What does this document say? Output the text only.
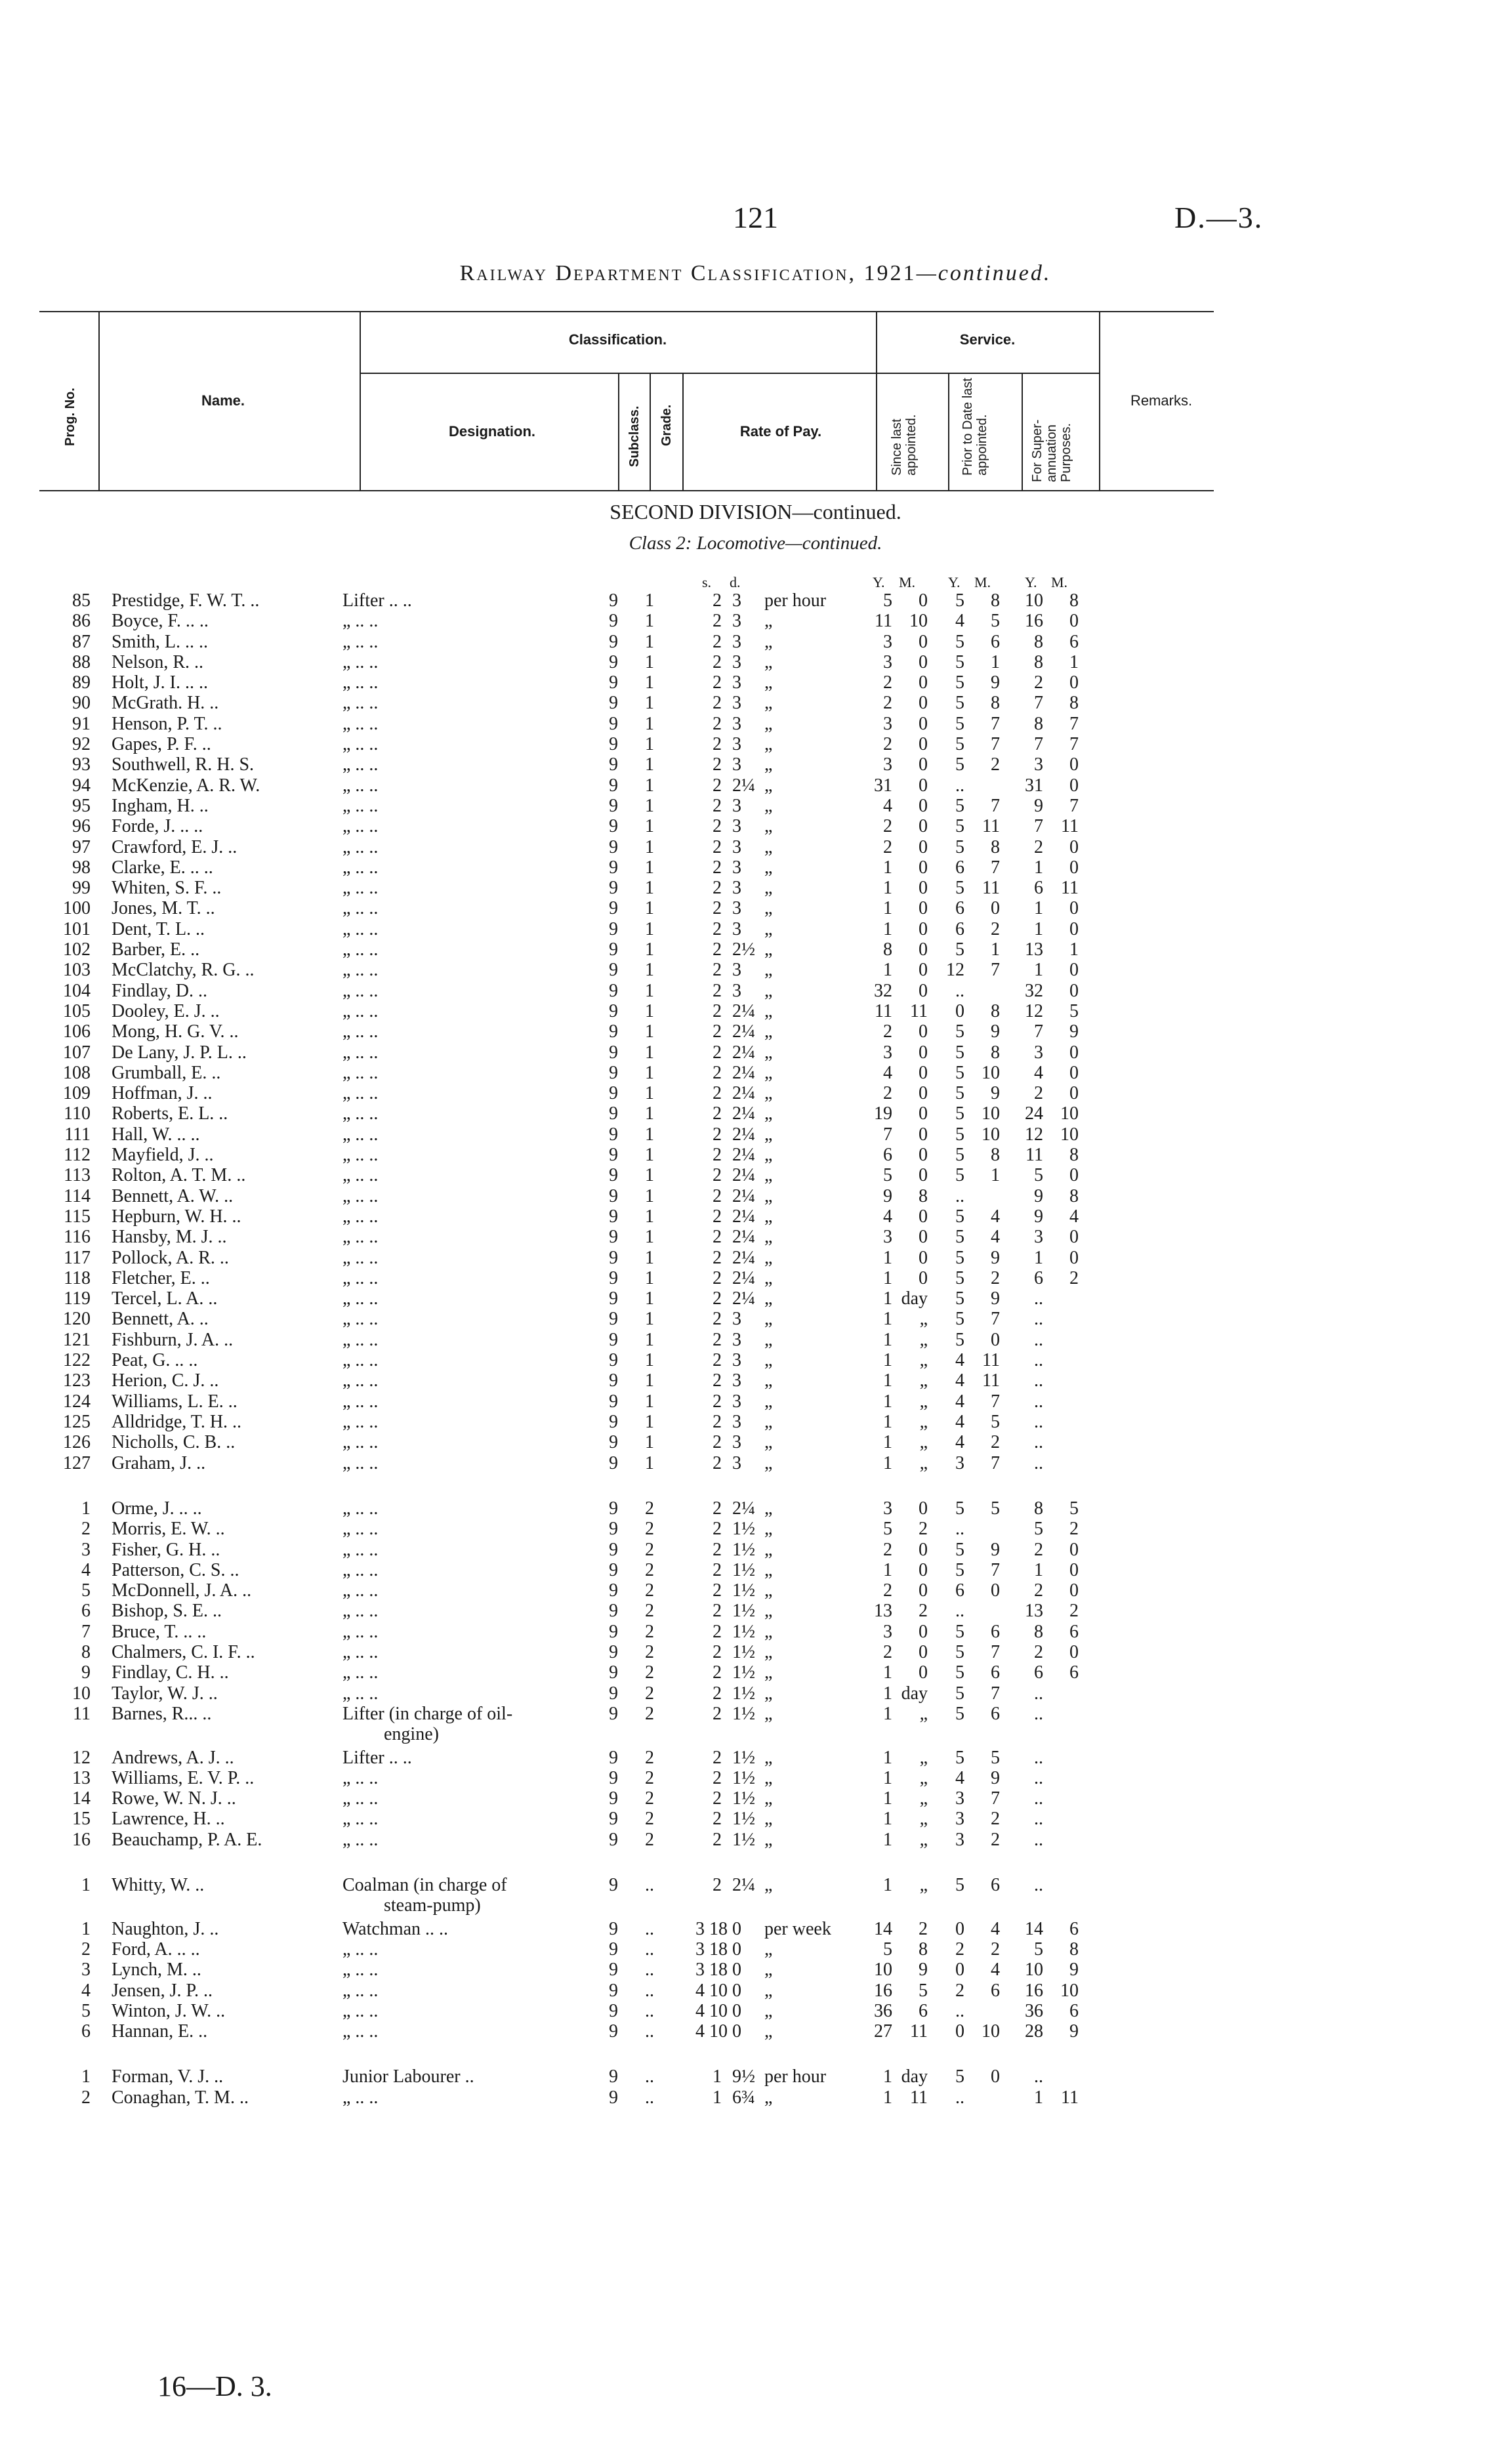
121	D.—3.
Railway Department Classification, 1921—continued.
Prog. No.	Name.
Classification.
Designation.	Subclass. Grade.	Rate of Pay.
Service.
Since last appointed.	Prior to Date last appointed.	For Super-annuation Purposes.
Remarks.
SECOND DIVISION—continued.
Class 2: Locomotive—continued.
s. d.	Y. M. Y. M. Y. M.
85 Prestidge, F. W. T. ..	Lifter .. ..	9	1	2 3 per hour	5	0	5	8	10	8
86 Boyce, F. .. ..	„ .. ..	9	1	2 3 „	11 10	4	5	16	0
87 Smith, L. .. ..	„ .. ..	9	1	2 3 „	3	0	5	6	8	6
88 Nelson, R. ..	„ .. ..	9	1	2 3 „	3	0	5	1	8	1
89 Holt, J. I. .. ..	„ .. ..	9	1	2 3 „	2	0	5	9	2	0
90 McGrath. H. ..	„ .. ..	9	1	2 3 „	2	0	5	8	7	8
91 Henson, P. T. ..	„ .. ..	9	1	2 3 „	3	0	5	7	8	7
92 Gapes, P. F. ..	„ .. ..	9	1	2 3 „	2	0	5	7	7	7
93 Southwell, R. H. S.	„ .. ..	9	1	2 3 „	3	0	5	2	3	0
94 McKenzie, A. R. W.	„ .. ..	9	1	2 2¼ „	31	0	..	31	0
95 Ingham, H. ..	„ .. ..	9	1	2 3 „	4	0	5	7	9	7
96 Forde, J. .. ..	„ .. ..	9	1	2 3 „	2	0	5 11	7 11
97 Crawford, E. J. ..	„ .. ..	9	1	2 3 „	2	0	5	8	2	0
98 Clarke, E. .. ..	„ .. ..	9	1	2 3 „	1	0	6	7	1	0
99 Whiten, S. F. ..	„ .. ..	9	1	2 3 „	1	0	5 11	6 11
100 Jones, M. T. ..	„ .. ..	9	1	2 3 „	1	0	6	0	1	0
101 Dent, T. L. ..	„ .. ..	9	1	2 3 „	1	0	6	2	1	0
102 Barber, E. ..	„ .. ..	9	1	2 2½ „	8	0	5	1	13	1
103 McClatchy, R. G. ..	„ .. ..	9	1	2 3 „	1	0	12	7	1	0
104 Findlay, D. ..	„ .. ..	9	1	2 3 „	32	0	..	32	0
105 Dooley, E. J. ..	„ .. ..	9	1	2 2¼ „	11 11	0	8	12	5
106 Mong, H. G. V. ..	„ .. ..	9	1	2 2¼ „	2	0	5	9	7	9
107 De Lany, J. P. L. ..	„ .. ..	9	1	2 2¼ „	3	0	5	8	3	0
108 Grumball, E. ..	„ .. ..	9	1	2 2¼ „	4	0	5 10	4	0
109 Hoffman, J. ..	„ .. ..	9	1	2 2¼ „	2	0	5	9	2	0
110 Roberts, E. L. ..	„ .. ..	9	1	2 2¼ „	19	0	5 10	24 10
111 Hall, W. .. ..	„ .. ..	9	1	2 2¼ „	7	0	5 10	12 10
112 Mayfield, J. ..	„ .. ..	9	1	2 2¼ „	6	0	5	8	11	8
113 Rolton, A. T. M. ..	„ .. ..	9	1	2 2¼ „	5	0	5	1	5	0
114 Bennett, A. W. ..	„ .. ..	9	1	2 2¼ „	9	8	..	9	8
115 Hepburn, W. H. ..	„ .. ..	9	1	2 2¼ „	4	0	5	4	9	4
116 Hansby, M. J. ..	„ .. ..	9	1	2 2¼ „	3	0	5	4	3	0
117 Pollock, A. R. ..	„ .. ..	9	1	2 2¼ „	1	0	5	9	1	0
118 Fletcher, E. ..	„ .. ..	9	1	2 2¼ „	1	0	5	2	6	2
119 Tercel, L. A. ..	„ .. ..	9	1	2 2¼ „	1 day	5	9	..
120 Bennett, A. ..	„ .. ..	9	1	2 3 „	1	„	5	7	..
121 Fishburn, J. A. ..	„ .. ..	9	1	2 3 „	1	„	5	0	..
122 Peat, G. .. ..	„ .. ..	9	1	2 3 „	1	„	4 11	..
123 Herion, C. J. ..	„ .. ..	9	1	2 3 „	1	„	4 11	..
124 Williams, L. E. ..	„ .. ..	9	1	2 3 „	1	„	4	7	..
125 Alldridge, T. H. ..	„ .. ..	9	1	2 3 „	1	„	4	5	..
126 Nicholls, C. B. ..	„ .. ..	9	1	2 3 „	1	„	4	2	..
127 Graham, J. ..	„ .. ..	9	1	2 3 „	1	„	3	7	..
1 Orme, J. .. ..	„ .. ..	9	2	2 2¼ „	3	0	5	5	8	5
2 Morris, E. W. ..	„ .. ..	9	2	2 1½ „	5	2	..	5	2
3 Fisher, G. H. ..	„ .. ..	9	2	2 1½ „	2	0	5	9	2	0
4 Patterson, C. S. ..	„ .. ..	9	2	2 1½ „	1	0	5	7	1	0
5 McDonnell, J. A. ..	„ .. ..	9	2	2 1½ „	2	0	6	0	2	0
6 Bishop, S. E. ..	„ .. ..	9	2	2 1½ „	13	2	..	13	2
7 Bruce, T. .. ..	„ .. ..	9	2	2 1½ „	3	0	5	6	8	6
8 Chalmers, C. I. F. ..	„ .. ..	9	2	2 1½ „	2	0	5	7	2	0
9 Findlay, C. H. ..	„ .. ..	9	2	2 1½ „	1	0	5	6	6	6
10 Taylor, W. J. ..	„ .. ..	9	2	2 1½ „	1 day	5	7	..
11 Barnes, R... ..	Lifter (in charge of oil-	9	2	2 1½ „	1	„	5	6	..
engine)
12 Andrews, A. J. ..	Lifter .. ..	9	2	2 1½ „	1	„	5	5	..
13 Williams, E. V. P. ..	„ .. ..	9	2	2 1½ „	1	„	4	9	..
14 Rowe, W. N. J. ..	„ .. ..	9	2	2 1½ „	1	„	3	7	..
15 Lawrence, H. ..	„ .. ..	9	2	2 1½ „	1	„	3	2	..
16 Beauchamp, P. A. E.	„ .. ..	9	2	2 1½ „	1	„	3	2	..
1 Whitty, W. ..	Coalman (in charge of	9	..	2 2¼ „	1	„	5	6	..
steam-pump)
1 Naughton, J. ..	Watchman .. ..	9	..	3 18 0 per week	14	2	0	4	14	6
2 Ford, A. .. ..	„ .. ..	9	..	3 18 0 „	5	8	2	2	5	8
3 Lynch, M. ..	„ .. ..	9	..	3 18 0 „	10	9	0	4	10	9
4 Jensen, J. P. ..	„ .. ..	9	..	4 10 0 „	16	5	2	6	16 10
5 Winton, J. W. ..	„ .. ..	9	..	4 10 0 „	36	6	..	36	6
6 Hannan, E. ..	„ .. ..	9	..	4 10 0 „	27 11	0 10	28	9
1 Forman, V. J. ..	Junior Labourer ..	9	..	1 9½ per hour	1 day	5	0	..
2 Conaghan, T. M. ..	„ .. ..	9	..	1 6¾ „	1 11	..	1 11
16—D. 3.
